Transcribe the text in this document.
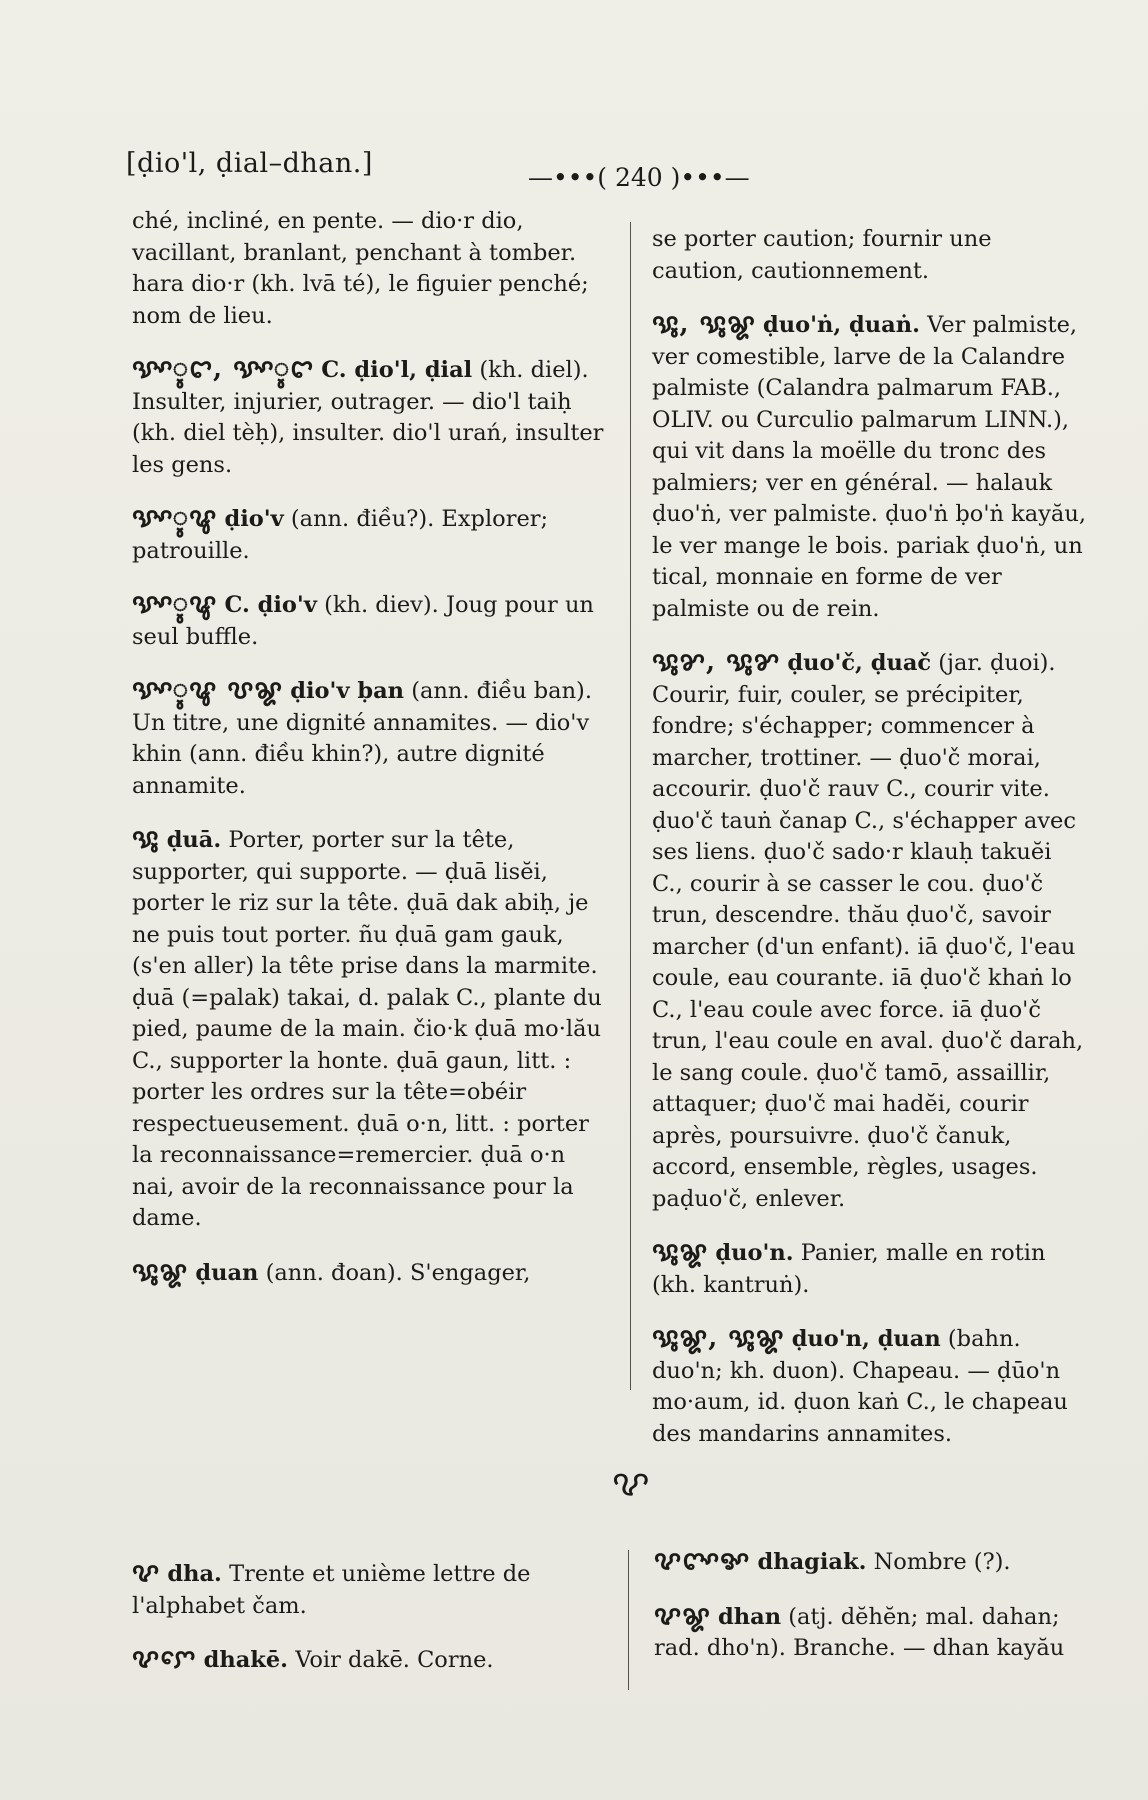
[ḍio'l, ḍial–dhan.]	—•••( 240 )•••—

ché, incliné, en pente. — dio·r dio, vacillant, branlant, penchant à tomber. hara dio·r (kh. lvā té), le figuier penché; nom de lieu.

ꨕꨳꨶꨤ, ꨕꨳꨶꨤ C. ḍio'l, ḍial (kh. diel). Insulter, injurier, outrager. — dio'l taiḥ (kh. diel tèḥ), insulter. dio'l urań, insulter les gens.

ꨕꨳꨶꨥ ḍio'v (ann. điều?). Explorer; patrouille.

ꨕꨳꨶꨥ C. ḍio'v (kh. diev). Joug pour un seul buffle.

ꨕꨳꨶꨥ ꨝꨘ ḍio'v ḅan (ann. điều ban). Un titre, une dignité annamites. — dio'v khin (ann. điều khin?), autre dignité annamite.

ꨕꨶ ḍuā. Porter, porter sur la tête, supporter, qui supporte. — ḍuā lisĕi, porter le riz sur la tête. ḍuā dak abiḥ, je ne puis tout porter. ñu ḍuā gam gauk, (s'en aller) la tête prise dans la marmite. ḍuā (=palak) takai, d. palak C., plante du pied, paume de la main. čio·k ḍuā mo·lău C., supporter la honte. ḍuā gaun, litt. : porter les ordres sur la tête=obéir respectueusement. ḍuā o·n, litt. : porter la reconnaissance=remercier. ḍuā o·n nai, avoir de la reconnaissance pour la dame.

ꨕꨶꨘ ḍuan (ann. đoan). S'engager,

se porter caution; fournir une caution, cautionnement.

ꨕꨶ, ꨕꨶꨘ ḍuo'ṅ, ḍuaṅ. Ver palmiste, ver comestible, larve de la Calandre palmiste (Calandra palmarum FAB., OLIV. ou Curculio palmarum LINN.), qui vit dans la moëlle du tronc des palmiers; ver en général. — halauk ḍuo'ṅ, ver palmiste. ḍuo'ṅ ḅo'ṅ kayău, le ver mange le bois. pariak ḍuo'ṅ, un tical, monnaie en forme de ver palmiste ou de rein.

ꨕꨶꨌ, ꨕꨶꨌ ḍuo'č, ḍuač (jar. ḍuoi). Courir, fuir, couler, se précipiter, fondre; s'échapper; commencer à marcher, trottiner. — ḍuo'č morai, accourir. ḍuo'č rauv C., courir vite. ḍuo'č tauṅ čanap C., s'échapper avec ses liens. ḍuo'č sado·r klauḥ takuĕi C., courir à se casser le cou. ḍuo'č trun, descendre. thău ḍuo'č, savoir marcher (d'un enfant). iā ḍuo'č, l'eau coule, eau courante. iā ḍuo'č khaṅ lo C., l'eau coule avec force. iā ḍuo'č trun, l'eau coule en aval. ḍuo'č darah, le sang coule. ḍuo'č tamō, assaillir, attaquer; ḍuo'č mai hadĕi, courir après, poursuivre. ḍuo'č čanuk, accord, ensemble, règles, usages. paḍuo'č, enlever.

ꨕꨶꨘ ḍuo'n. Panier, malle en rotin (kh. kantruṅ).

ꨕꨶꨘ, ꨕꨶꨘ ḍuo'n, ḍuan (bahn. duo'n; kh. duon). Chapeau. — ḍūo'n mo·aum, id. ḍuon kaṅ C., le chapeau des mandarins annamites.

ꨖ

ꨖ dha. Trente et unième lettre de l'alphabet čam.

ꨖꨆꨯ dhakē. Voir dakē. Corne.

ꨖꨈꨳꨀ dhagiak. Nombre (?).

ꨖꨘ dhan (atj. dĕhĕn; mal. dahan; rad. dho'n). Branche. — dhan kayău
